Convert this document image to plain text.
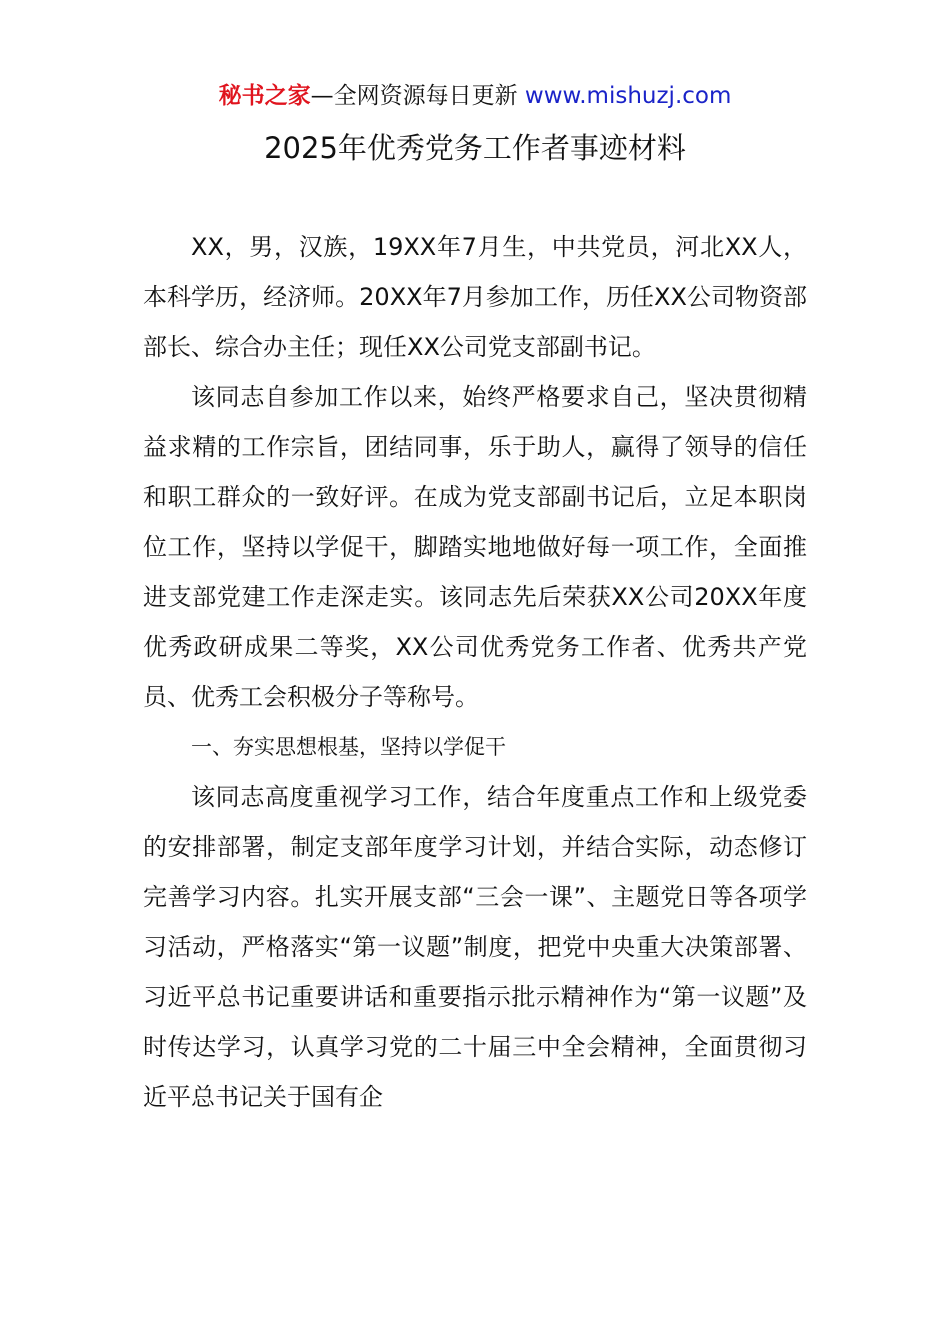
秘书之家—全网资源每日更新 www.mishuzj.com
2025年优秀党务工作者事迹材料

XX，男，汉族，19XX年7月生，中共党员，河北XX人，本科学历，经济师。20XX年7月参加工作，历任XX公司物资部部长、综合办主任；现任XX公司党支部副书记。

该同志自参加工作以来，始终严格要求自己，坚决贯彻精益求精的工作宗旨，团结同事，乐于助人，赢得了领导的信任和职工群众的一致好评。在成为党支部副书记后，立足本职岗位工作，坚持以学促干，脚踏实地地做好每一项工作，全面推进支部党建工作走深走实。该同志先后荣获XX公司20XX年度优秀政研成果二等奖，XX公司优秀党务工作者、优秀共产党员、优秀工会积极分子等称号。

一、夯实思想根基，坚持以学促干

该同志高度重视学习工作，结合年度重点工作和上级党委的安排部署，制定支部年度学习计划，并结合实际，动态修订完善学习内容。扎实开展支部“三会一课”、主题党日等各项学习活动，严格落实“第一议题”制度，把党中央重大决策部署、习近平总书记重要讲话和重要指示批示精神作为“第一议题”及时传达学习，认真学习党的二十届三中全会精神，全面贯彻习近平总书记关于国有企
